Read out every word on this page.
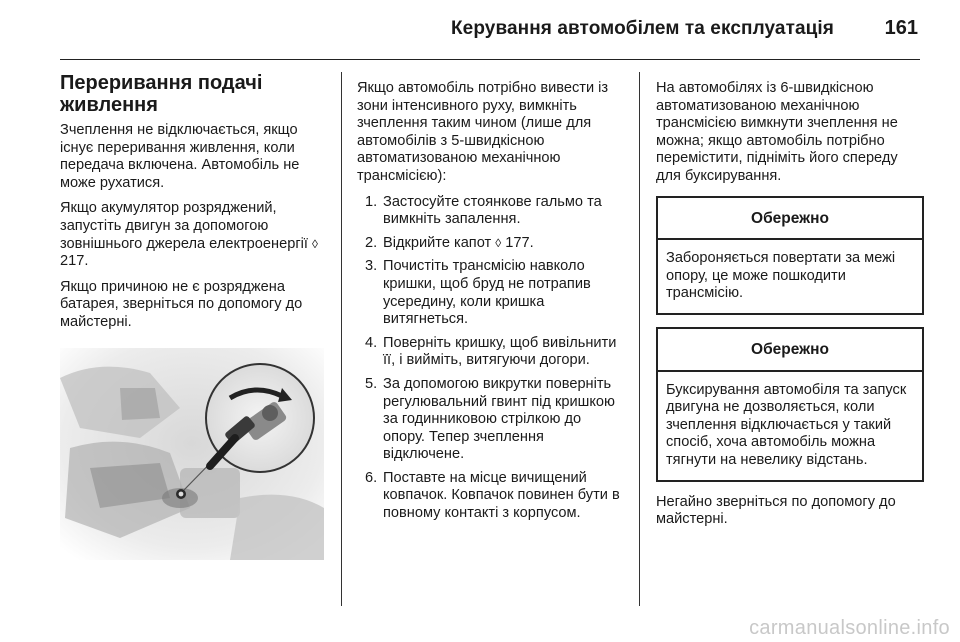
Керування автомобілем та експлуатація	161
Переривання подачі живлення

Зчеплення не відключається, якщо існує переривання живлення, коли передача включена. Автомобіль не може рухатися.

Якщо акумулятор розряджений, запустіть двигун за допомогою зовнішнього джерела електроенергії ◊ 217.

Якщо причиною не є розряджена батарея, зверніться по допомогу до майстерні.

Якщо автомобіль потрібно вивести із зони інтенсивного руху, вимкніть зчеплення таким чином (лише для автомобілів з 5-швидкісною автоматизованою механічною трансмісією):

1. Застосуйте стоянкове гальмо та вимкніть запалення.
2. Відкрийте капот ◊ 177.
3. Почистіть трансмісію навколо кришки, щоб бруд не потрапив усередину, коли кришка витягнеться.
4. Поверніть кришку, щоб вивільнити її, і вийміть, витягуючи догори.
5. За допомогою викрутки поверніть регулювальний гвинт під кришкою за годинниковою стрілкою до опору. Тепер зчеплення відключене.
6. Поставте на місце вичищений ковпачок. Ковпачок повинен бути в повному контакті з корпусом.

На автомобілях із 6-швидкісною автоматизованою механічною трансмісією вимкнути зчеплення не можна; якщо автомобіль потрібно перемістити, підніміть його спереду для буксирування.

Обережно
Забороняється повертати за межі опору, це може пошкодити трансмісію.
Обережно
Буксирування автомобіля та запуск двигуна не дозволяється, коли зчеплення відключається у такий спосіб, хоча автомобіль можна тягнути на невелику відстань.

Негайно зверніться по допомогу до майстерні.

carmanualsonline.info
